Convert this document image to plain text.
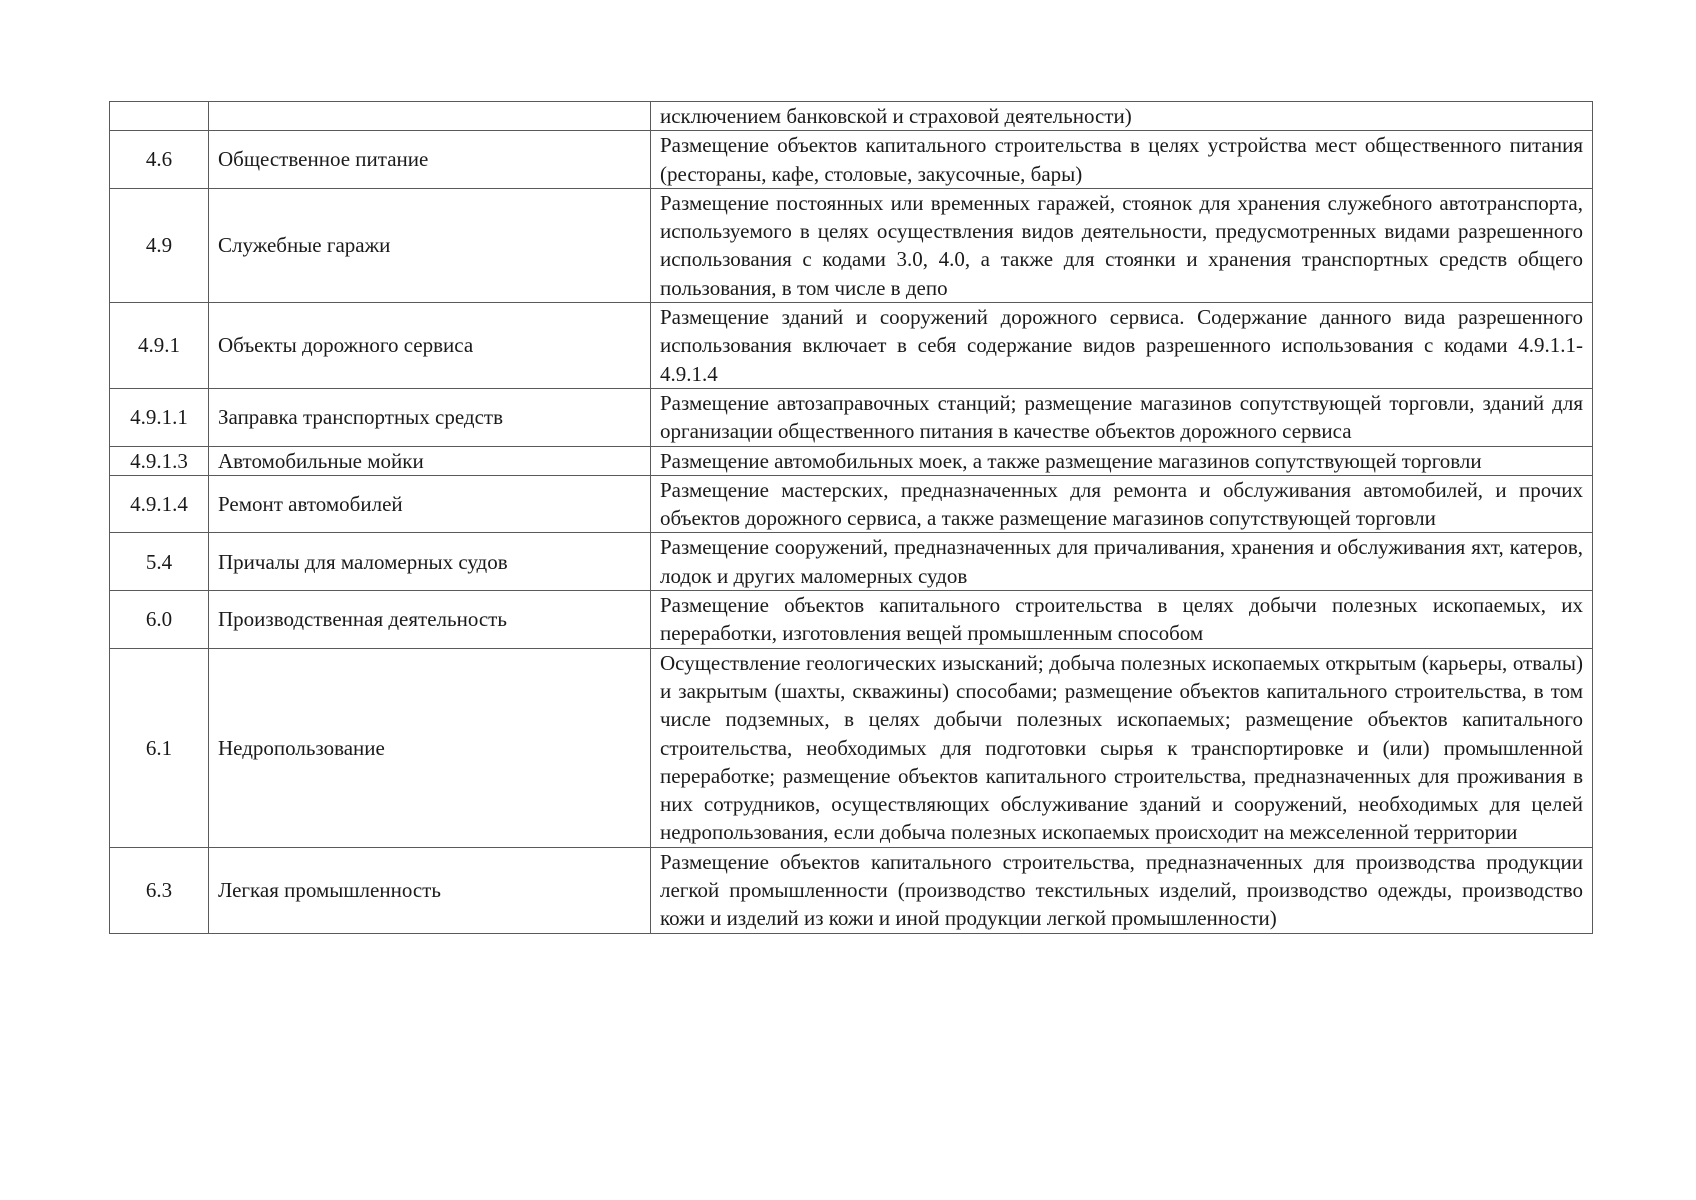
		исключением банковской и страховой деятельности)
4.6	Общественное питание	Размещение объектов капитального строительства в целях устройства мест общественного питания (рестораны, кафе, столовые, закусочные, бары)
4.9	Служебные гаражи	Размещение постоянных или временных гаражей, стоянок для хранения служебного автотранспорта, используемого в целях осуществления видов деятельности, предусмотренных видами разрешенного использования с кодами 3.0, 4.0, а также для стоянки и хранения транспортных средств общего пользования, в том числе в депо
4.9.1	Объекты дорожного сервиса	Размещение зданий и сооружений дорожного сервиса. Содержание данного вида разрешенного использования включает в себя содержание видов разрешенного использования с кодами 4.9.1.1-4.9.1.4
4.9.1.1	Заправка транспортных средств	Размещение автозаправочных станций; размещение магазинов сопутствующей торговли, зданий для организации общественного питания в качестве объектов дорожного сервиса
4.9.1.3	Автомобильные мойки	Размещение автомобильных моек, а также размещение магазинов сопутствующей торговли
4.9.1.4	Ремонт автомобилей	Размещение мастерских, предназначенных для ремонта и обслуживания автомобилей, и прочих объектов дорожного сервиса, а также размещение магазинов сопутствующей торговли
5.4	Причалы для маломерных судов	Размещение сооружений, предназначенных для причаливания, хранения и обслуживания яхт, катеров, лодок и других маломерных судов
6.0	Производственная деятельность	Размещение объектов капитального строительства в целях добычи полезных ископаемых, их переработки, изготовления вещей промышленным способом
6.1	Недропользование	Осуществление геологических изысканий; добыча полезных ископаемых открытым (карьеры, отвалы) и закрытым (шахты, скважины) способами; размещение объектов капитального строительства, в том числе подземных, в целях добычи полезных ископаемых; размещение объектов капитального строительства, необходимых для подготовки сырья к транспортировке и (или) промышленной переработке; размещение объектов капитального строительства, предназначенных для проживания в них сотрудников, осуществляющих обслуживание зданий и сооружений, необходимых для целей недропользования, если добыча полезных ископаемых происходит на межселенной территории
6.3	Легкая промышленность	Размещение объектов капитального строительства, предназначенных для производства продукции легкой промышленности (производство текстильных изделий, производство одежды, производство кожи и изделий из кожи и иной продукции легкой промышленности)
